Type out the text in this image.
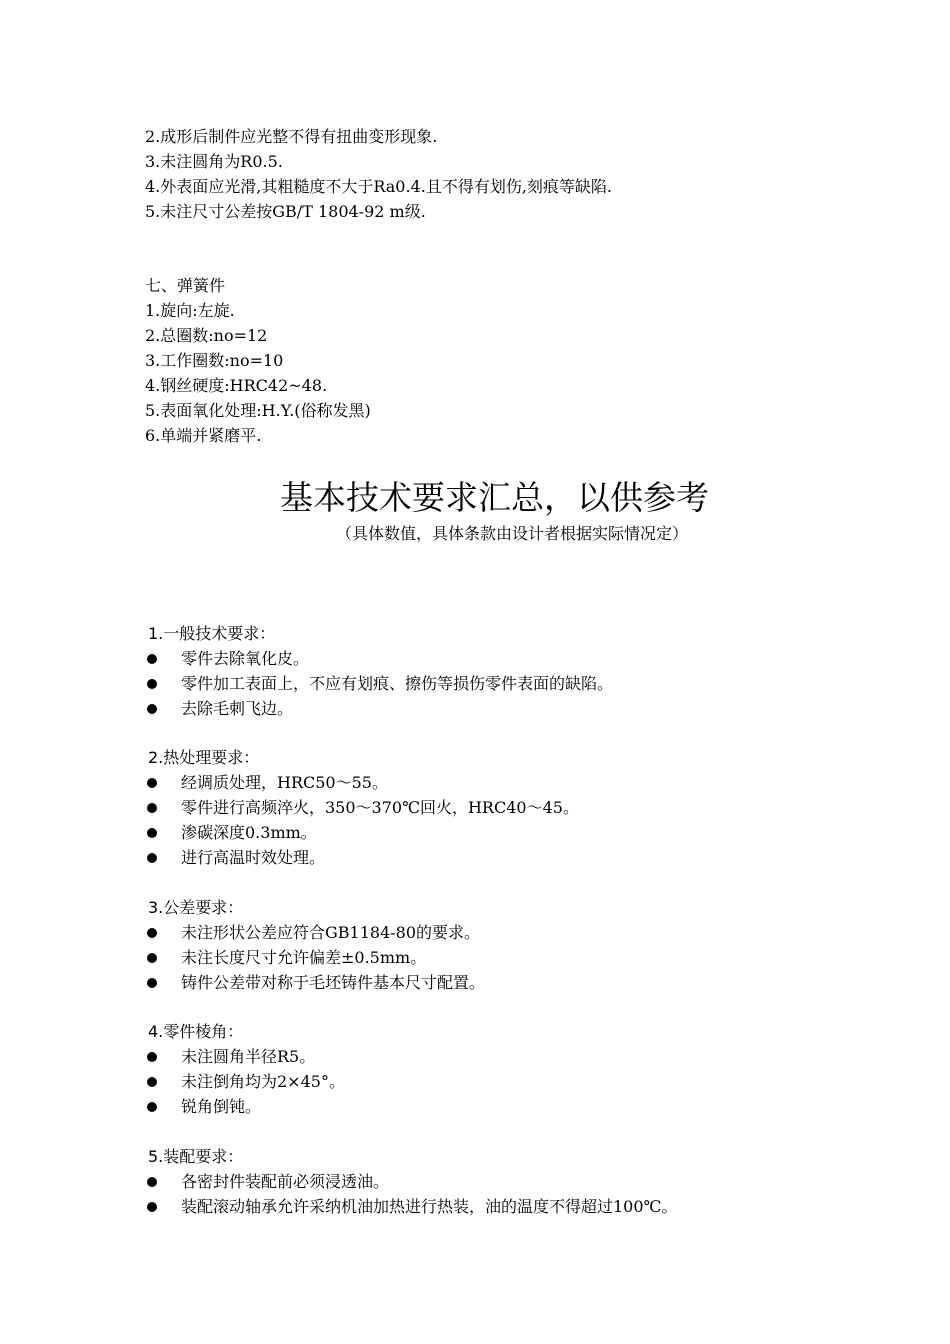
2.成形后制件应光整不得有扭曲变形现象.
3.未注圆角为R0.5.
4.外表面应光滑,其粗糙度不大于Ra0.4.且不得有划伤,刻痕等缺陷.
5.未注尺寸公差按GB/T 1804-92 m级.
七、弹簧件
1.旋向:左旋.
2.总圈数:no=12
3.工作圈数:no=10
4.钢丝硬度:HRC42~48.
5.表面氧化处理:H.Y.(俗称发黑)
6.单端并紧磨平.
基本技术要求汇总，以供参考
（具体数值，具体条款由设计者根据实际情况定）
1.一般技术要求：
零件去除氧化皮。
零件加工表面上，不应有划痕、擦伤等损伤零件表面的缺陷。
去除毛刺飞边。
2.热处理要求：
经调质处理，HRC50～55。
零件进行高频淬火，350～370℃回火，HRC40～45。
渗碳深度0.3mm。
进行高温时效处理。
3.公差要求：
未注形状公差应符合GB1184-80的要求。
未注长度尺寸允许偏差±0.5mm。
铸件公差带对称于毛坯铸件基本尺寸配置。
4.零件棱角：
未注圆角半径R5。
未注倒角均为2×45°。
锐角倒钝。
5.装配要求：
各密封件装配前必须浸透油。
装配滚动轴承允许采纳机油加热进行热装，油的温度不得超过100℃。
